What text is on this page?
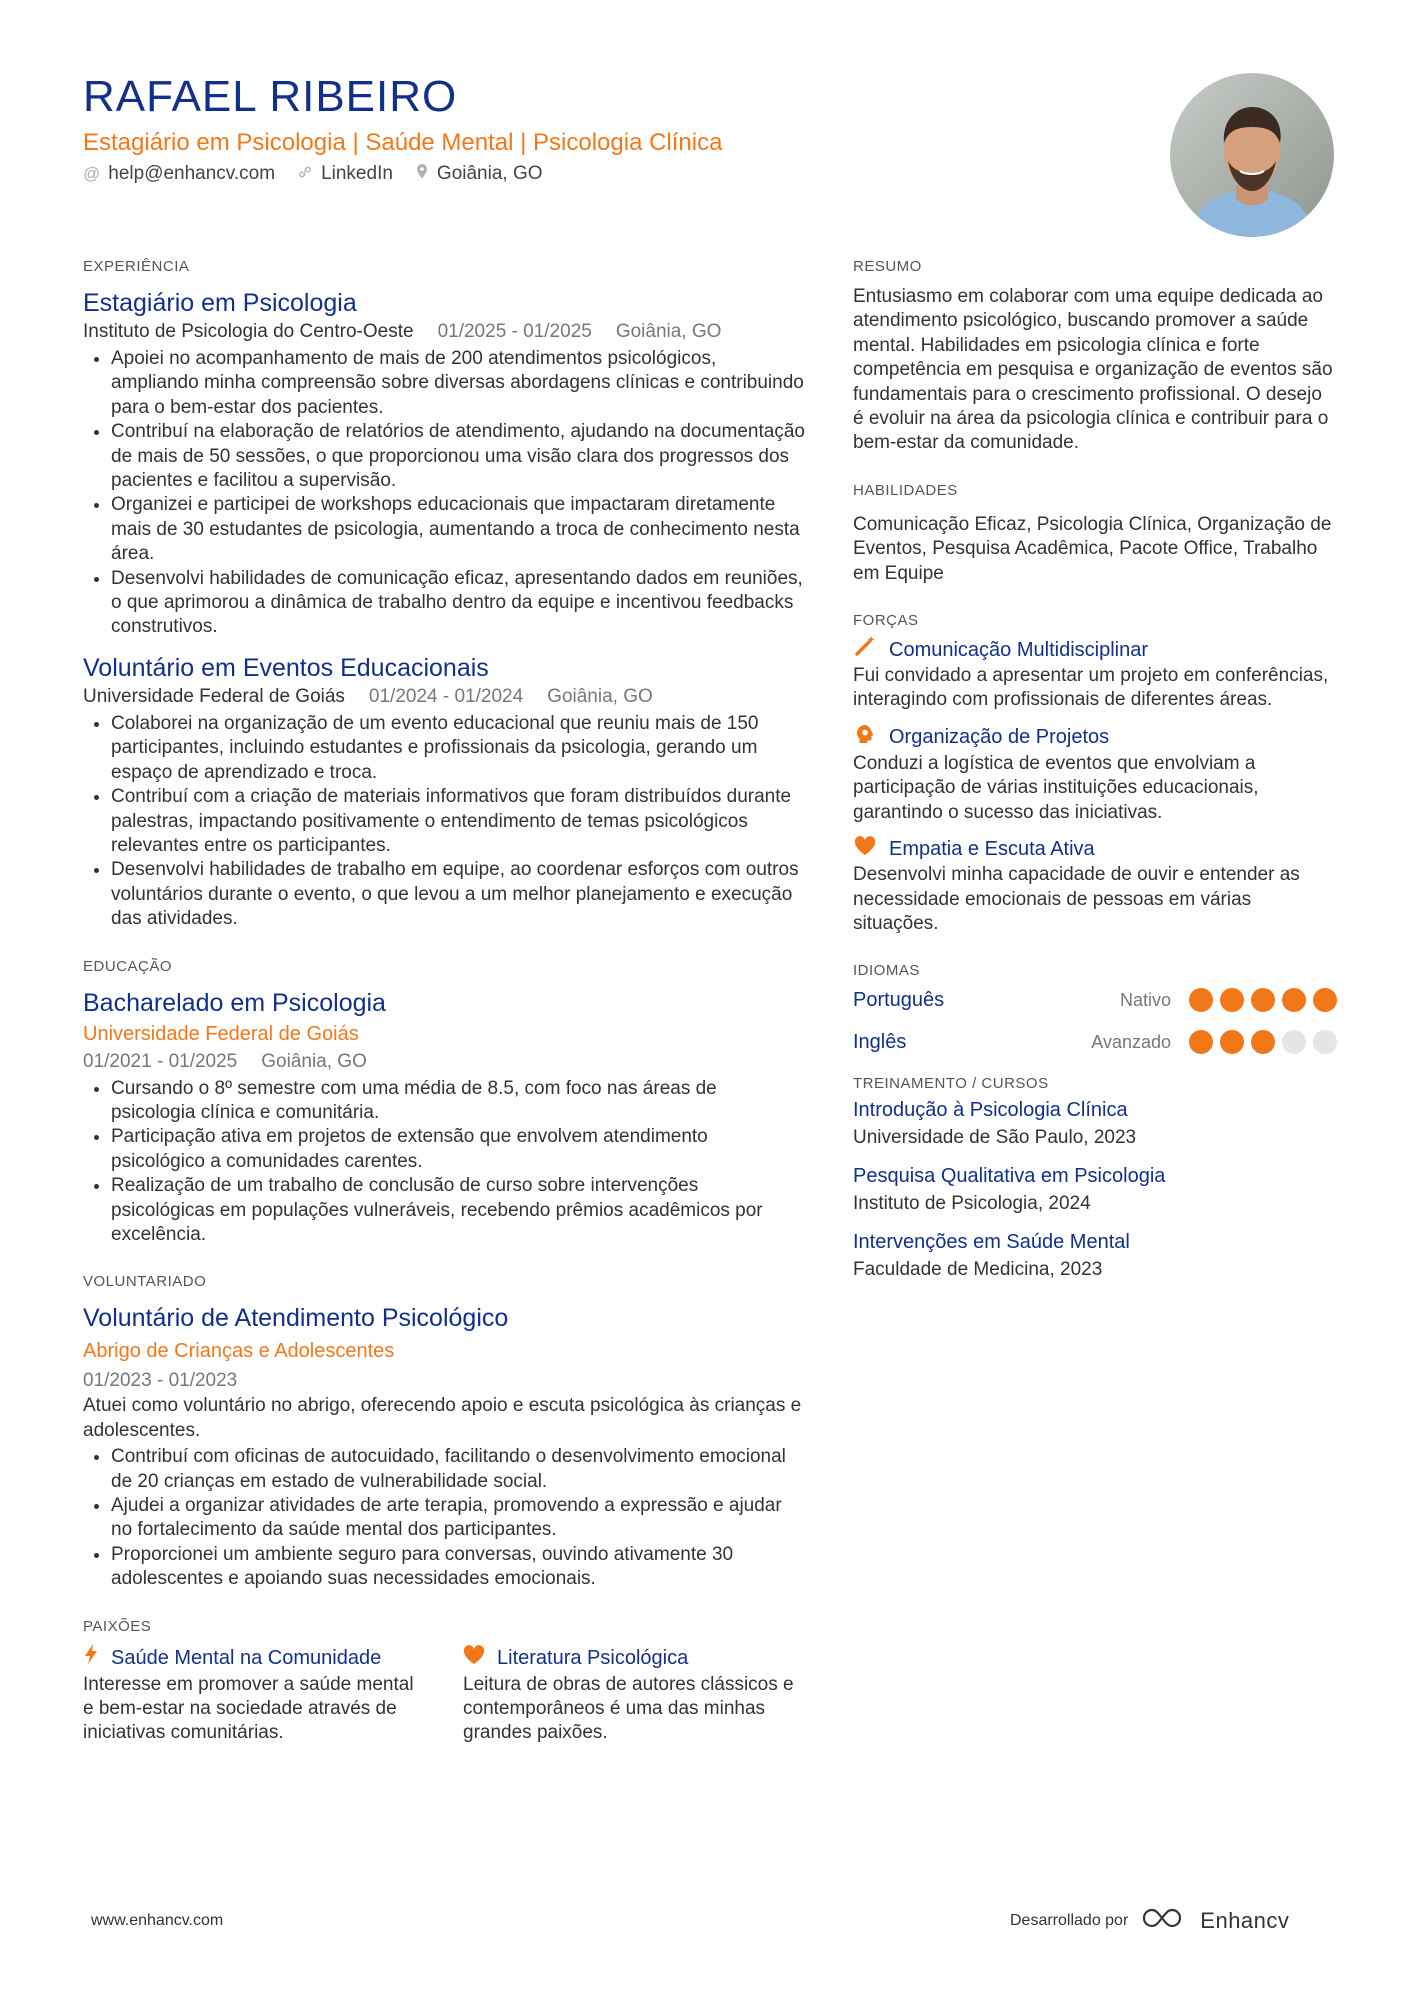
RAFAEL RIBEIRO
Estagiário em Psicologia | Saúde Mental | Psicologia Clínica
@ help@enhancv.com LinkedIn Goiânia, GO
EXPERIÊNCIA
Estagiário em Psicologia
Instituto de Psicologia do Centro-Oeste 01/2025 - 01/2025 Goiânia, GO
• Apoiei no acompanhamento de mais de 200 atendimentos psicológicos, ampliando minha compreensão sobre diversas abordagens clínicas e contribuindo para o bem-estar dos pacientes.
• Contribuí na elaboração de relatórios de atendimento, ajudando na documentação de mais de 50 sessões, o que proporcionou uma visão clara dos progressos dos pacientes e facilitou a supervisão.
• Organizei e participei de workshops educacionais que impactaram diretamente mais de 30 estudantes de psicologia, aumentando a troca de conhecimento nesta área.
• Desenvolvi habilidades de comunicação eficaz, apresentando dados em reuniões, o que aprimorou a dinâmica de trabalho dentro da equipe e incentivou feedbacks construtivos.
Voluntário em Eventos Educacionais
Universidade Federal de Goiás 01/2024 - 01/2024 Goiânia, GO
• Colaborei na organização de um evento educacional que reuniu mais de 150 participantes, incluindo estudantes e profissionais da psicologia, gerando um espaço de aprendizado e troca.
• Contribuí com a criação de materiais informativos que foram distribuídos durante palestras, impactando positivamente o entendimento de temas psicológicos relevantes entre os participantes.
• Desenvolvi habilidades de trabalho em equipe, ao coordenar esforços com outros voluntários durante o evento, o que levou a um melhor planejamento e execução das atividades.
EDUCAÇÃO
Bacharelado em Psicologia
Universidade Federal de Goiás
01/2021 - 01/2025 Goiânia, GO
• Cursando o 8º semestre com uma média de 8.5, com foco nas áreas de psicologia clínica e comunitária.
• Participação ativa em projetos de extensão que envolvem atendimento psicológico a comunidades carentes.
• Realização de um trabalho de conclusão de curso sobre intervenções psicológicas em populações vulneráveis, recebendo prêmios acadêmicos por excelência.
VOLUNTARIADO
Voluntário de Atendimento Psicológico
Abrigo de Crianças e Adolescentes
01/2023 - 01/2023
Atuei como voluntário no abrigo, oferecendo apoio e escuta psicológica às crianças e adolescentes.
• Contribuí com oficinas de autocuidado, facilitando o desenvolvimento emocional de 20 crianças em estado de vulnerabilidade social.
• Ajudei a organizar atividades de arte terapia, promovendo a expressão e ajudar no fortalecimento da saúde mental dos participantes.
• Proporcionei um ambiente seguro para conversas, ouvindo ativamente 30 adolescentes e apoiando suas necessidades emocionais.
PAIXÕES
Saúde Mental na Comunidade
Interesse em promover a saúde mental e bem-estar na sociedade através de iniciativas comunitárias.
Literatura Psicológica
Leitura de obras de autores clássicos e contemporâneos é uma das minhas grandes paixões.
RESUMO
Entusiasmo em colaborar com uma equipe dedicada ao atendimento psicológico, buscando promover a saúde mental. Habilidades em psicologia clínica e forte competência em pesquisa e organização de eventos são fundamentais para o crescimento profissional. O desejo é evoluir na área da psicologia clínica e contribuir para o bem-estar da comunidade.
HABILIDADES
Comunicação Eficaz, Psicologia Clínica, Organização de Eventos, Pesquisa Acadêmica, Pacote Office, Trabalho em Equipe
FORÇAS
Comunicação Multidisciplinar
Fui convidado a apresentar um projeto em conferências, interagindo com profissionais de diferentes áreas.
Organização de Projetos
Conduzi a logística de eventos que envolviam a participação de várias instituições educacionais, garantindo o sucesso das iniciativas.
Empatia e Escuta Ativa
Desenvolvi minha capacidade de ouvir e entender as necessidade emocionais de pessoas em várias situações.
IDIOMAS
Português	Nativo
Inglês	Avanzado
TREINAMENTO / CURSOS
Introdução à Psicologia Clínica
Universidade de São Paulo, 2023
Pesquisa Qualitativa em Psicologia
Instituto de Psicologia, 2024
Intervenções em Saúde Mental
Faculdade de Medicina, 2023
www.enhancv.com	Desarrollado por	Enhancv
